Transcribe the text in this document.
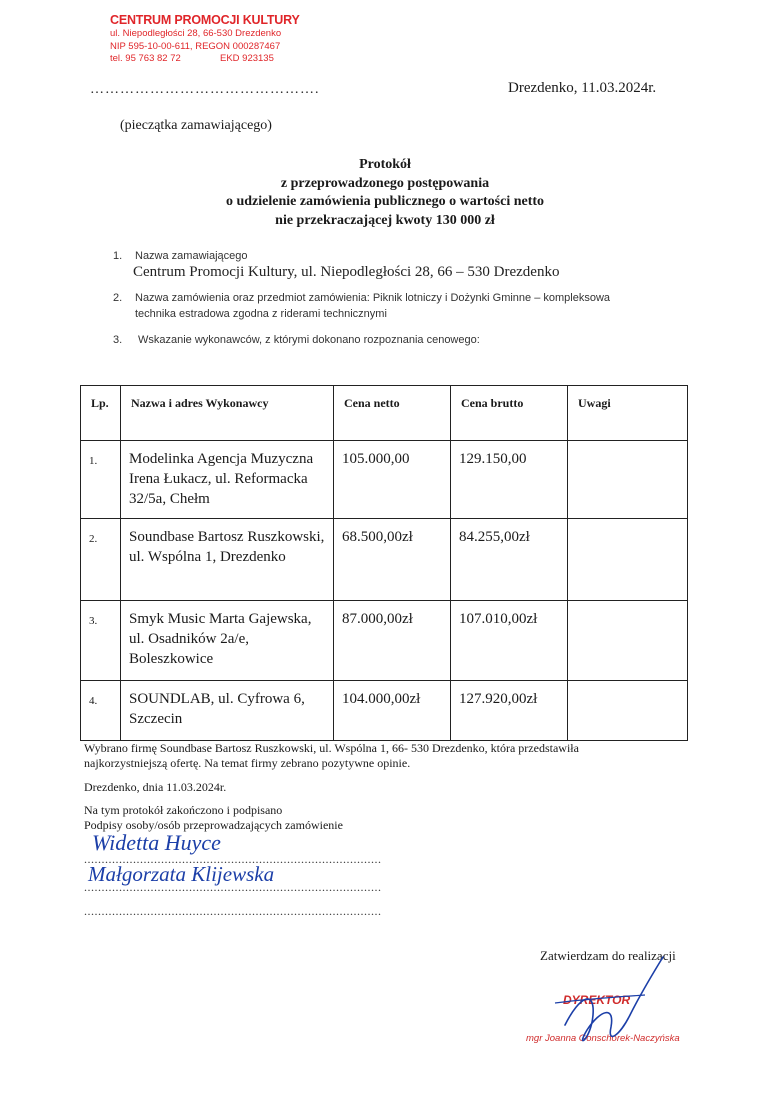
CENTRUM PROMOCJI KULTURY
ul. Niepodległości 28, 66-530 Drezdenko
NIP 595-10-00-611, REGON 000287467
tel. 95 763 82 72	EKD 923135
……………………………………….	Drezdenko, 11.03.2024r.
(pieczątka zamawiającego)
Protokół
z przeprowadzonego postępowania
o udzielenie zamówienia publicznego o wartości netto
nie przekraczającej kwoty 130 000 zł
1. Nazwa zamawiającego
Centrum Promocji Kultury, ul. Niepodległości 28, 66 – 530 Drezdenko
2. Nazwa zamówienia oraz przedmiot zamówienia: Piknik lotniczy i Dożynki Gminne – kompleksowa
technika estradowa zgodna z riderami technicznymi
3. Wskazanie wykonawców, z którymi dokonano rozpoznania cenowego:
Lp.	Nazwa i adres Wykonawcy	Cena netto	Cena brutto	Uwagi
1.	Modelinka Agencja Muzyczna Irena Łukacz, ul. Reformacka 32/5a, Chełm	105.000,00	129.150,00	
2.	Soundbase Bartosz Ruszkowski, ul. Wspólna 1, Drezdenko	68.500,00zł	84.255,00zł	
3.	Smyk Music Marta Gajewska, ul. Osadników 2a/e, Boleszkowice	87.000,00zł	107.010,00zł	
4.	SOUNDLAB, ul. Cyfrowa 6, Szczecin	104.000,00zł	127.920,00zł	
Wybrano firmę Soundbase Bartosz Ruszkowski, ul. Wspólna 1, 66- 530 Drezdenko, która przedstawiła
najkorzystniejszą ofertę. Na temat firmy zebrano pozytywne opinie.
Drezdenko, dnia 11.03.2024r.
Na tym protokół zakończono i podpisano
Podpisy osoby/osób przeprowadzających zamówienie
Widetta Huyce
.....................................................................................
Małgorzata Klijewska
.....................................................................................
.....................................................................................
Zatwierdzam do realizacji
DYREKTOR
mgr Joanna Gonschorek-Naczyńska
